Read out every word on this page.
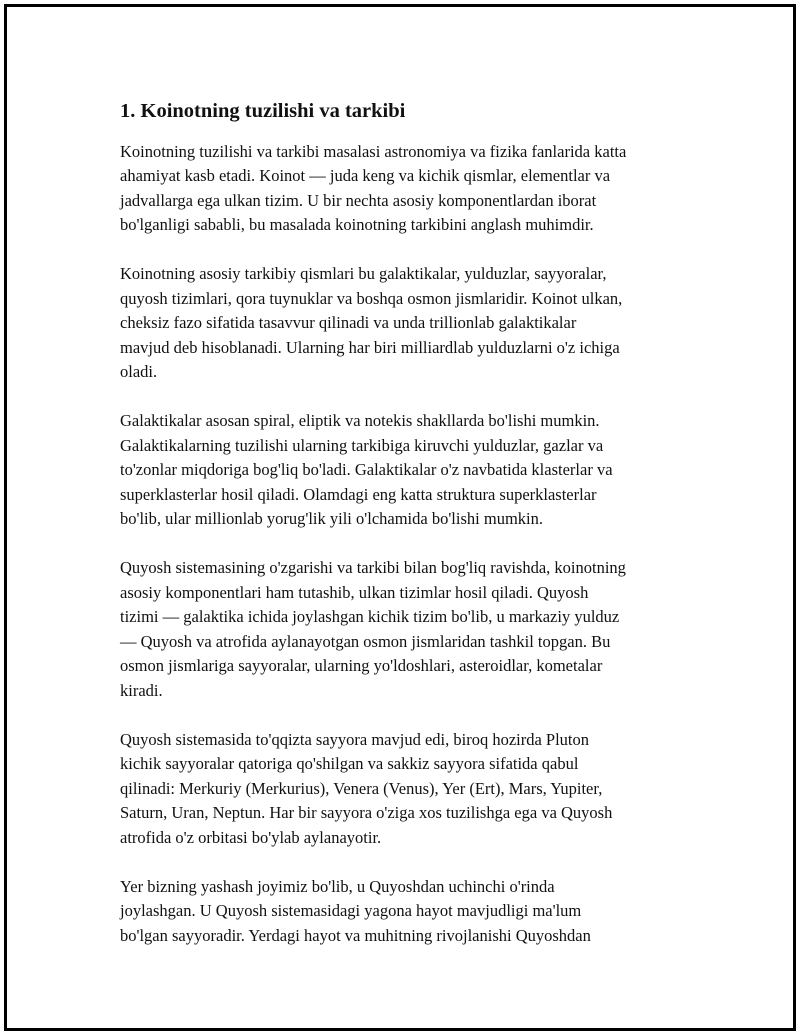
1. Koinotning tuzilishi va tarkibi

Koinotning tuzilishi va tarkibi masalasi astronomiya va fizika fanlarida katta
ahamiyat kasb etadi. Koinot — juda keng va kichik qismlar, elementlar va
jadvallarga ega ulkan tizim. U bir nechta asosiy komponentlardan iborat
bo'lganligi sababli, bu masalada koinotning tarkibini anglash muhimdir.

Koinotning asosiy tarkibiy qismlari bu galaktikalar, yulduzlar, sayyoralar,
quyosh tizimlari, qora tuynuklar va boshqa osmon jismlaridir. Koinot ulkan,
cheksiz fazo sifatida tasavvur qilinadi va unda trillionlab galaktikalar
mavjud deb hisoblanadi. Ularning har biri milliardlab yulduzlarni o'z ichiga
oladi.

Galaktikalar asosan spiral, eliptik va notekis shakllarda bo'lishi mumkin.
Galaktikalarning tuzilishi ularning tarkibiga kiruvchi yulduzlar, gazlar va
to'zonlar miqdoriga bog'liq bo'ladi. Galaktikalar o'z navbatida klasterlar va
superklasterlar hosil qiladi. Olamdagi eng katta struktura superklasterlar
bo'lib, ular millionlab yorug'lik yili o'lchamida bo'lishi mumkin.

Quyosh sistemasining o'zgarishi va tarkibi bilan bog'liq ravishda, koinotning
asosiy komponentlari ham tutashib, ulkan tizimlar hosil qiladi. Quyosh
tizimi — galaktika ichida joylashgan kichik tizim bo'lib, u markaziy yulduz
— Quyosh va atrofida aylanayotgan osmon jismlaridan tashkil topgan. Bu
osmon jismlariga sayyoralar, ularning yo'ldoshlari, asteroidlar, kometalar
kiradi.

Quyosh sistemasida to'qqizta sayyora mavjud edi, biroq hozirda Pluton
kichik sayyoralar qatoriga qo'shilgan va sakkiz sayyora sifatida qabul
qilinadi: Merkuriy (Merkurius), Venera (Venus), Yer (Ert), Mars, Yupiter,
Saturn, Uran, Neptun. Har bir sayyora o'ziga xos tuzilishga ega va Quyosh
atrofida o'z orbitasi bo'ylab aylanayotir.

Yer bizning yashash joyimiz bo'lib, u Quyoshdan uchinchi o'rinda
joylashgan. U Quyosh sistemasidagi yagona hayot mavjudligi ma'lum
bo'lgan sayyoradir. Yerdagi hayot va muhitning rivojlanishi Quyoshdan
